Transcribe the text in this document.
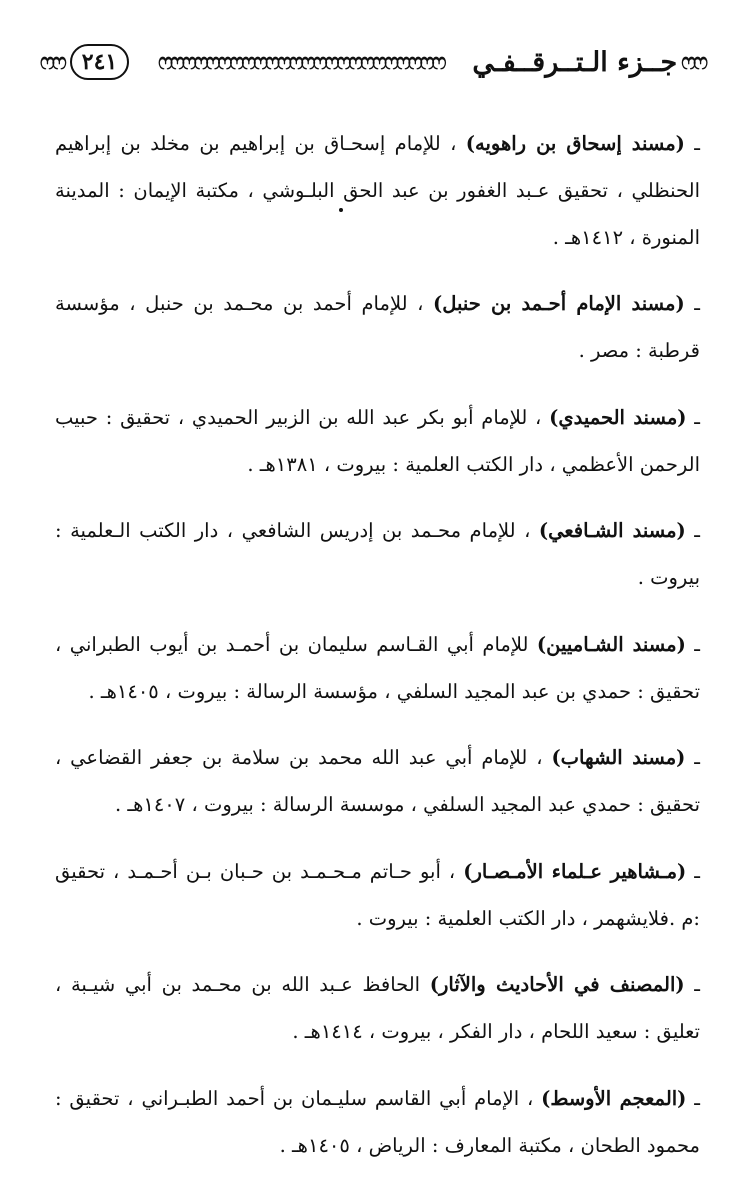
ෆෆ
جــزء الـتــرقــفـي
ෆෆෆෆෆෆෆෆෆෆෆෆෆෆෆෆෆෆෆෆෆෆෆෆ
٢٤١
ෆෆ

ـ (مسند إسحاق بن راهويه) ، للإمام إسحـاق بن إبراهيم بن مخلد بن إبراهيم الحنظلي ، تحقيق عـبد الغفور بن عبد الحق البلـوشي ، مكتبة الإيمان : المدينة المنورة ، ١٤١٢هـ .

ـ (مسند الإمام أحـمد بن حنبل) ، للإمام أحمد بن محـمد بن حنبل ، مؤسسة قرطبة : مصر .

ـ (مسند الحميدي) ، للإمام أبو بكر عبد الله بن الزبير الحميدي ، تحقيق : حبيب الرحمن الأعظمي ، دار الكتب العلمية : بيروت ، ١٣٨١هـ .

ـ (مسند الشـافعي) ، للإمام محـمد بن إدريس الشافعي ، دار الكتب الـعلمية : بيروت .

ـ (مسند الشـاميين) للإمام أبي القـاسم سليمان بن أحمـد بن أيوب الطبراني ، تحقيق : حمدي بن عبد المجيد السلفي ، مؤسسة الرسالة : بيروت ، ١٤٠٥هـ .

ـ (مسند الشهاب) ، للإمام أبي عبد الله محمد بن سلامة بن جعفر القضاعي ، تحقيق : حمدي عبد المجيد السلفي ، موسسة الرسالة : بيروت ، ١٤٠٧هـ .

ـ (مـشاهير عـلماء الأمـصـار) ، أبو حـاتم مـحـمـد بن حـبان بـن أحـمـد ، تحقيق :م .فلايشهمر ، دار الكتب العلمية : بيروت .

ـ (المصنف في الأحاديث والآثار) الحافظ عـبد الله بن محـمد بن أبي شيـبة ، تعليق : سعيد اللحام ، دار الفكر ، بيروت ، ١٤١٤هـ .

ـ (المعجم الأوسط) ، الإمام أبي القاسم سليـمان بن أحمد الطبـراني ، تحقيق : محمود الطحان ، مكتبة المعارف : الرياض ، ١٤٠٥هـ .
